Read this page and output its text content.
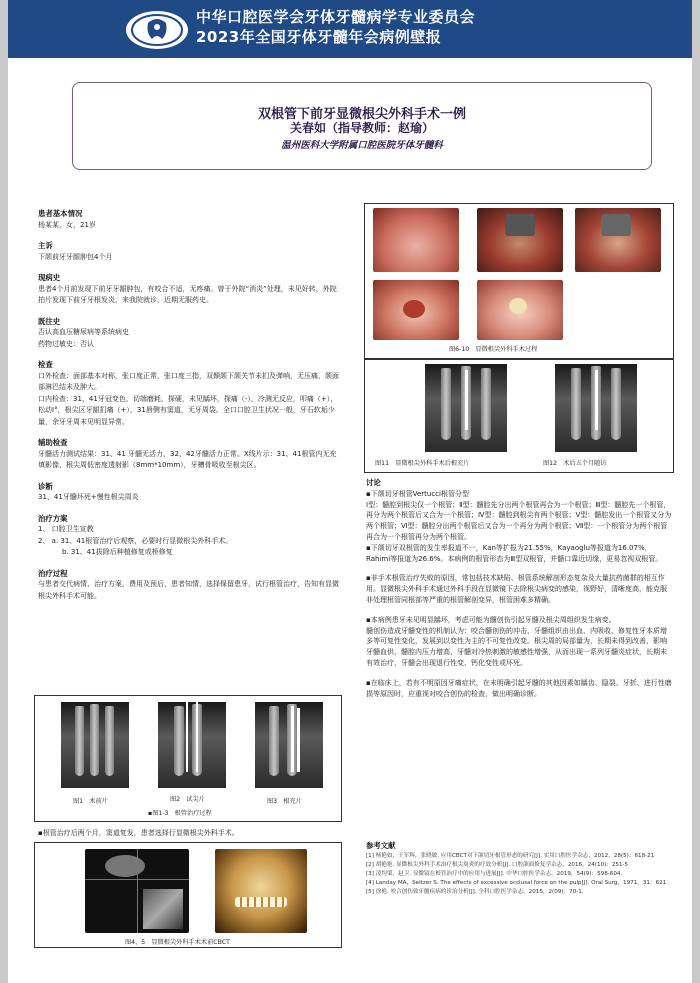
中华口腔医学会牙体牙髓病学专业委员会
2023年全国牙体牙髓年会病例壁报
双根管下前牙显微根尖外科手术一例
关春如（指导教师：赵瑜）
温州医科大学附属口腔医院牙体牙髓科
患者基本情况

杨某某，女，21岁

主诉

下颌前牙牙龈肿包4个月

现病史

患者4个月前发现下前牙牙龈肿包，有咬合不适，无疼痛。曾于外院“消炎”处理，未见好转，外院拍片发现下前牙牙根发炎，来我院就诊，近期无服药史。

既往史

否认高血压糖尿病等系统病史

药物过敏史：否认

检查

口外检查：面部基本对称，张口度正常，张口度三指，双颞颌下颌关节未扪及弹响，无压痛，颌面部淋巴结未及肿大。

口内检查：31、41牙冠变色，切端磨耗，探硬，未见龋坏，探痛（-），冷测无反应，叩痛（+），松动Ⅰ°，根尖区牙龈扪痛（+），31唇侧有窦道，无牙周袋。全口口腔卫生状况一般，牙石软垢少量，余牙牙周未见明显异常。

辅助检查

牙髓活力测试结果：31、41 牙髓无活力，32、42牙髓活力正常。X线片示：31、41根管内无充填影像，根尖周低密度透射影（8mm*10mm），牙槽骨吸收至根尖区。

诊断

31、41牙髓坏死+慢性根尖周炎

治疗方案

1、 口腔卫生宣教

2、 a. 31、41根管治疗后观察，必要时行显微根尖外科手术。

b. 31、41拔除后种植修复或桥修复

治疗过程

与患者交代病情、治疗方案、费用及预后，患者知情，选择保留患牙，试行根管治疗，告知有显微根尖外科手术可能。

图1　术前片	图2　试尖片	图3　根充片
▪图1-3　根管治疗过程
▪根管治疗后两个月，窦道复发，患者选择行显微根尖外科手术。
图4、5　显微根尖外科手术术前CBCT
图6-10　显微根尖外科手术过程
图11　显微根尖外科手术后根充片	图12　术后五个月随访
讨论

▪下颌切牙根管Vertucci根管分型

Ⅰ型：髓腔到根尖仅一个根管；Ⅱ型：髓腔先分出两个根管再合为一个根管；Ⅲ型：髓腔先一个根管，再分为两个根管后又合为一个根管；Ⅳ型：髓腔到根尖有两个根管；Ⅴ型：髓腔发出一个根管又分为两个根管；Ⅵ型：髓腔分出两个根管后又合为一个再分为两个根管；Ⅶ型：一个根管分为两个根管再合为一个根管再分为两个根管。

▪下颌切牙双根管的发生率报道不一，Kan等扩报为21.55%，Kayaoglu等报道为16.07%，Rahimi等报道为26.6%。本病例的根管形态为Ⅲ型双根管，并髓口靠近切缘，更易忽视双根管。

▪非手术根管治疗失败的原因，常包括技术缺陷、根管系统解剖形态复杂及大量抗药菌群的相互作用。显微根尖外科手术通过外科手段在显微镜下去除根尖病变的感染，视野好，清晰度高，能克服非处理根管同根部等严重的根管解剖变异，根管困难多精确。

▪本病例患牙未见明显龋坏，考虑可能为髓创伤引起牙髓及根尖周组织发生病变。

髓创伤造成牙髓变性的机制认为：咬合髓创伤的冲击，牙髓组织由出血、内吸收、修复性牙本质增多等可复性变化，发展到以变性为主的不可复性改变。根尖周的局部量为，长期未得到改善，影响牙髓血供，髓腔内压力增高，牙髓对冷热刺激的敏感性增强，从而出现一系列牙髓炎症状，长期未有效治疗，牙髓会出现退行性变、钙化变性或坏死。

▪在临床上，若有不明原因牙痛症状，在未明确引起牙髓的其他因素如龋齿、隐裂、牙折、进行性磨损等原因时，应重视对咬合创伤的检查，做出明确诊断。

参考文献
[1] 杨艳如，王军辉，张晓敏. 应用CBCT对下颌切牙根管形态的研究[J]. 实用口腔医学杂志，2012，28(5)：618-21
[2] 胡艳艳. 显微根尖外科手术治疗根尖周炎的疗效分析[J]. 口腔颌面修复学杂志，2016，24(10)：251-5
[3] 凌均棨，赵卫. 显微镜在根管治疗中的应用与进展[J]. 中华口腔医学杂志，2019，54(9)：598-604.
[4] Landay MA，Seltzer S. The effects of excessive occlusal force on the pulp[J]. Oral Surg，1971，31：621
[5] 徐艳. 咬合创伤致牙髓疾病的诊治分析[J]. 全科口腔医学杂志，2015，2(09)：70-1.
